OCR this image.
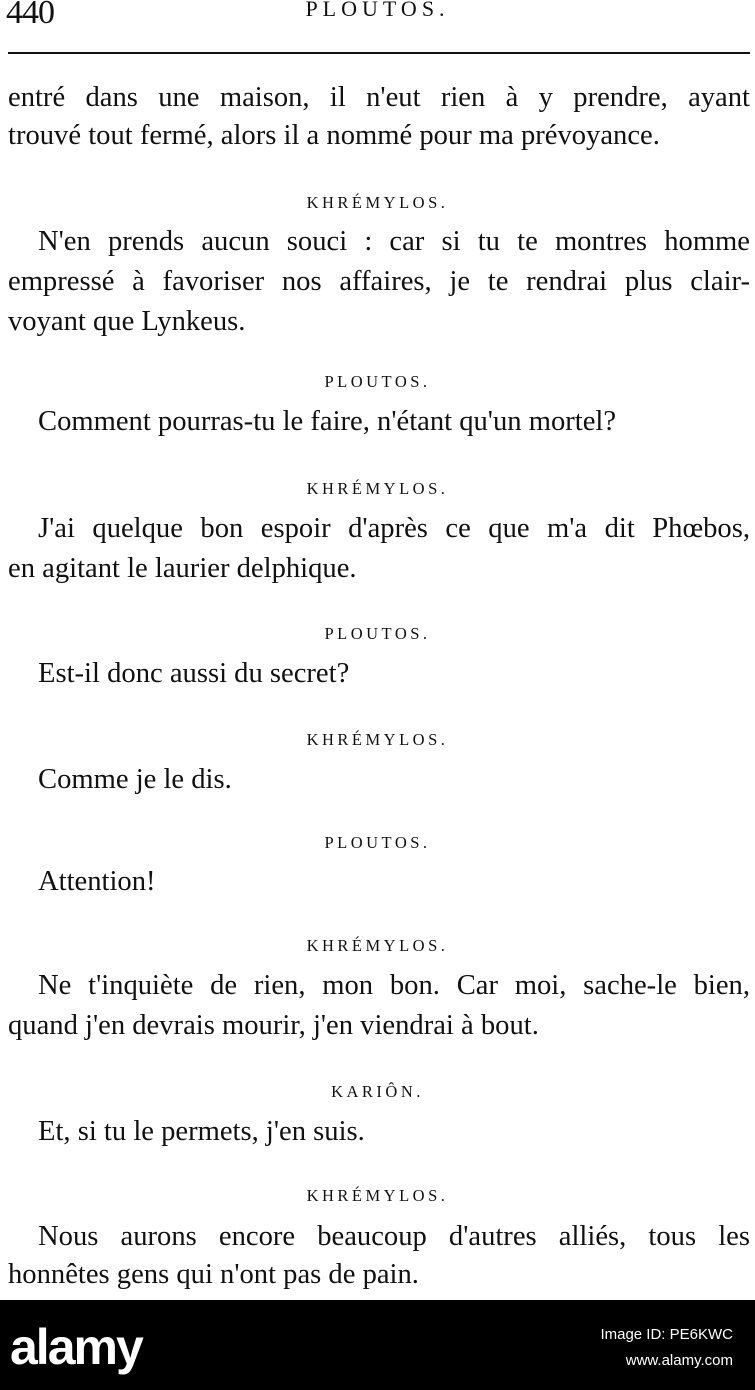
440	PLOUTOS.
entré dans une maison, il n'eut rien à y prendre, ayant
trouvé tout fermé, alors il a nommé pour ma prévoyance.
KHRÉMYLOS.
N'en prends aucun souci : car si tu te montres homme
empressé à favoriser nos affaires, je te rendrai plus clair-
voyant que Lynkeus.
PLOUTOS.
Comment pourras-tu le faire, n'étant qu'un mortel?
KHRÉMYLOS.
J'ai quelque bon espoir d'après ce que m'a dit Phœbos,
en agitant le laurier delphique.
PLOUTOS.
Est-il donc aussi du secret?
KHRÉMYLOS.
Comme je le dis.
PLOUTOS.
Attention!
KHRÉMYLOS.
Ne t'inquiète de rien, mon bon. Car moi, sache-le bien,
quand j'en devrais mourir, j'en viendrai à bout.
KARIÔN.
Et, si tu le permets, j'en suis.
KHRÉMYLOS.
Nous aurons encore beaucoup d'autres alliés, tous les
honnêtes gens qui n'ont pas de pain.
alamy	Image ID: PE6KWC
www.alamy.com
